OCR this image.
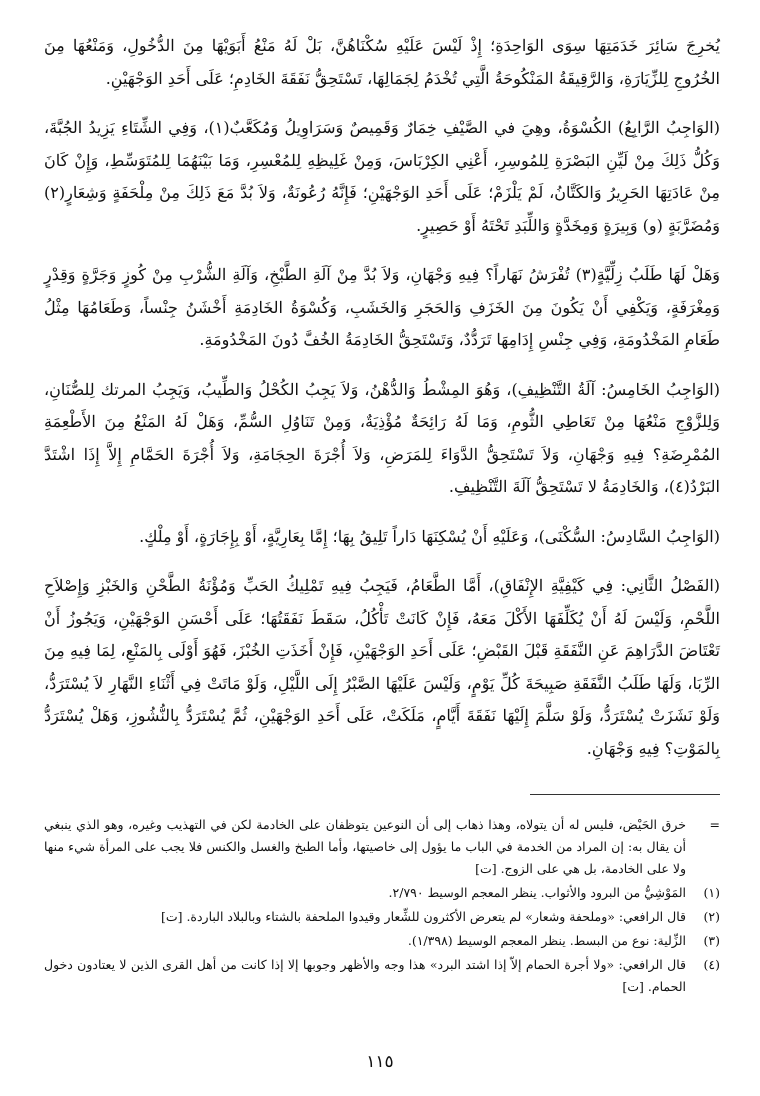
يُخرِجَ سَائِرَ خَدَمَتِهَا سِوَى الوَاحِدَةِ؛ إِذْ لَيْسَ عَلَيْهِ سُكْنَاهُنَّ، بَلْ لَهُ مَنْعُ أَبَوَيْهَا مِنَ الدُّخُولِ، وَمَنْعُهَا مِنَ الخُرُوجِ لِلزِّيَارَةِ، وَالرَّقِيقَةُ المَنْكُوحَةُ الَّتِي تُخْدَمُ لِجَمَالِهَا، تَسْتَحِقُّ نَفَقَةَ الخَادِمِ؛ عَلَى أَحَدِ الوَجْهَيْنِ.

(الوَاجِبُ الرَّابِعُ) الكُسْوَةُ، وهِيَ في الصَّيْفِ خِمَارٌ وَقَمِيصٌ وَسَرَاوِيلُ وَمُكَعَّبٌ(١)، وَفِي الشِّتَاءِ يَزِيدُ الجُبَّةَ، وَكُلُّ ذَلِكَ مِنْ لَيِّنِ البَصْرَةِ لِلمُوسِرِ، أَعْنِي الكِرْبَاسَ، وَمِنْ غَلِيظِهِ لِلمُعْسِرِ، وَمَا بَيْنَهُمَا لِلمُتَوَسِّطِ، وَإِنْ كَانَ مِنْ عَادَتِهَا الحَرِيرُ وَالكَتَّانُ، لَمْ يَلْزَمْ؛ عَلَى أَحَدِ الوَجْهَيْنِ؛ فَإِنَّهُ رُعُونَةٌ، وَلاَ بُدَّ مَعَ ذَلِكَ مِنْ مِلْحَفَةٍ وَشِعَارٍ(٢) وَمُضَرَّبَةٍ (و) وَبِيرَةٍ وَمِخَدَّةٍ وَاللِّبَدِ تَحْتَهُ أَوْ حَصِيرٍ.

وَهَلْ لَهَا طَلَبُ زِلِّيَّةٍ(٣) تُفْرَشُ نَهَاراً؟ فِيهِ وَجْهَانِ، وَلاَ بُدَّ مِنْ آلَةِ الطَّبْخِ، وَآلَةِ الشُّرْبِ مِنْ كُوزٍ وَجَرَّةٍ وَقِدْرٍ وَمِغْرَفَةٍ، وَيَكْفِي أَنْ يَكُونَ مِنَ الخَزَفِ وَالحَجَرِ وَالخَشَبِ، وَكُسْوَةُ الخَادِمَةِ أَخْشَنُ جِنْساً، وَطَعَامُهَا مِثْلُ طَعَامِ المَخْدُومَةِ، وَفِي جِنْسِ إِدَامِهَا تَرَدُّدٌ، وَتَسْتَحِقُّ الخَادِمَةُ الخُفَّ دُونَ المَخْدُومَةِ.

(الوَاجِبُ الخَامِسُ: آلَةُ التَّنْظِيفِ)، وَهُوَ المِشْطُ وَالدُّهْنُ، وَلاَ يَجِبُ الكُحْلُ وَالطِّيبُ، وَيَجِبُ المرتك لِلصُّنَانِ، وَلِلزَّوْجِ مَنْعُهَا مِنْ تَعَاطِي الثُّومِ، وَمَا لَهُ رَائِحَةٌ مُؤْذِيَةٌ، وَمِنْ تَنَاوُلِ السُّمِّ، وَهَلْ لَهُ المَنْعُ مِنَ الأَطْعِمَةِ المُمْرِضَةِ؟ فِيهِ وَجْهَانِ، وَلاَ تَسْتَحِقُّ الدَّوَاءَ لِلمَرَضِ، وَلاَ أُجْرَةَ الحِجَامَةِ، وَلاَ أُجْرَةَ الحَمَّامِ إِلاَّ إِذَا اشْتَدَّ البَرْدُ(٤)، وَالخَادِمَةُ لا تَسْتَحِقُّ آلَةَ التَّنْظِيفِ.

(الوَاجِبُ السَّادِسُ: السُّكْنَى)، وَعَلَيْهِ أَنْ يُسْكِنَهَا دَاراً تَلِيقُ بِهَا؛ إِمَّا بِعَارِيَّةٍ، أَوْ بِإِجَارَةٍ، أَوْ مِلْكٍ.

(الفَصْلُ الثَّانِي: فِي كَيْفِيَّةِ الإِنْفَاقِ)، أَمَّا الطَّعَامُ، فَيَجِبُ فِيهِ تَمْلِيكُ الحَبِّ وَمُؤْنَةُ الطَّحْنِ وَالخَبْزِ وَإِصْلاَحِ اللَّحْمِ، وَلَيْسَ لَهُ أَنْ يُكَلِّفَهَا الأَكْلَ مَعَهُ، فَإِنْ كَانَتْ تَأْكُلُ، سَقَطَ نَفَقَتُهَا؛ عَلَى أَحْسَنِ الوَجْهَيْنِ، وَيَجُوزُ أَنْ تَعْتَاضَ الدَّرَاهِمَ عَنِ النَّفَقَةِ قَبْلَ القَبْضِ؛ عَلَى أَحَدِ الوَجْهَيْنِ، فَإِنْ أَخَذَتِ الخُبْزَ، فَهُوَ أَوْلَى بِالمَنْعِ، لِمَا فِيهِ مِنَ الرِّبَا، وَلَهَا طَلَبُ النَّفَقَةِ صَبِيحَةَ كُلِّ يَوْمٍ، وَلَيْسَ عَلَيْهَا الصَّبْرُ إِلَى اللَّيْلِ، وَلَوْ مَاتَتْ فِي أَثْنَاءِ النَّهَارِ لاَ يُسْتَرَدُّ، وَلَوْ نَشَزَتْ يُسْتَرَدُّ، وَلَوْ سَلَّمَ إِلَيْهَا نَفَقَةَ أَيَّامٍ، مَلَكَتْ، عَلَى أَحَدِ الوَجْهَيْنِ، ثُمَّ يُسْتَرَدُّ بِالنُّشُوزِ، وَهَلْ يُسْتَرَدُّ بِالمَوْتِ؟ فِيهِ وَجْهَانِ.

=
خرق الحَيْض، فليس له أن يتولاه، وهذا ذهاب إلى أن النوعين يتوظفان على الخادمة لكن في التهذيب وغيره، وهو الذي ينبغي أن يقال به: إن المراد من الخدمة في الباب ما يؤول إلى خاصيتها، وأما الطبخ والغسل والكنس فلا يجب على المرأة شيء منها ولا على الخادمة، بل هي على الزوج. [ت]
(١)
المَوْشِيُّ من البرود والأثواب. ينظر المعجم الوسيط ٢/٧٩٠.
(٢)
قال الرافعي: «وملحفة وشعار» لم يتعرض الأكثرون للشِّعار وقيدوا الملحفة بالشتاء وبالبلاد الباردة. [ت]
(٣)
الزِّلية: نوع من البسط. ينظر المعجم الوسيط (١/٣٩٨).
(٤)
قال الرافعي: «ولا أجرة الحمام إلاّ إذا اشتد البرد» هذا وجه والأظهر وجوبها إلا إذا كانت من أهل القرى الذين لا يعتادون دخول الحمام. [ت]
١١٥
